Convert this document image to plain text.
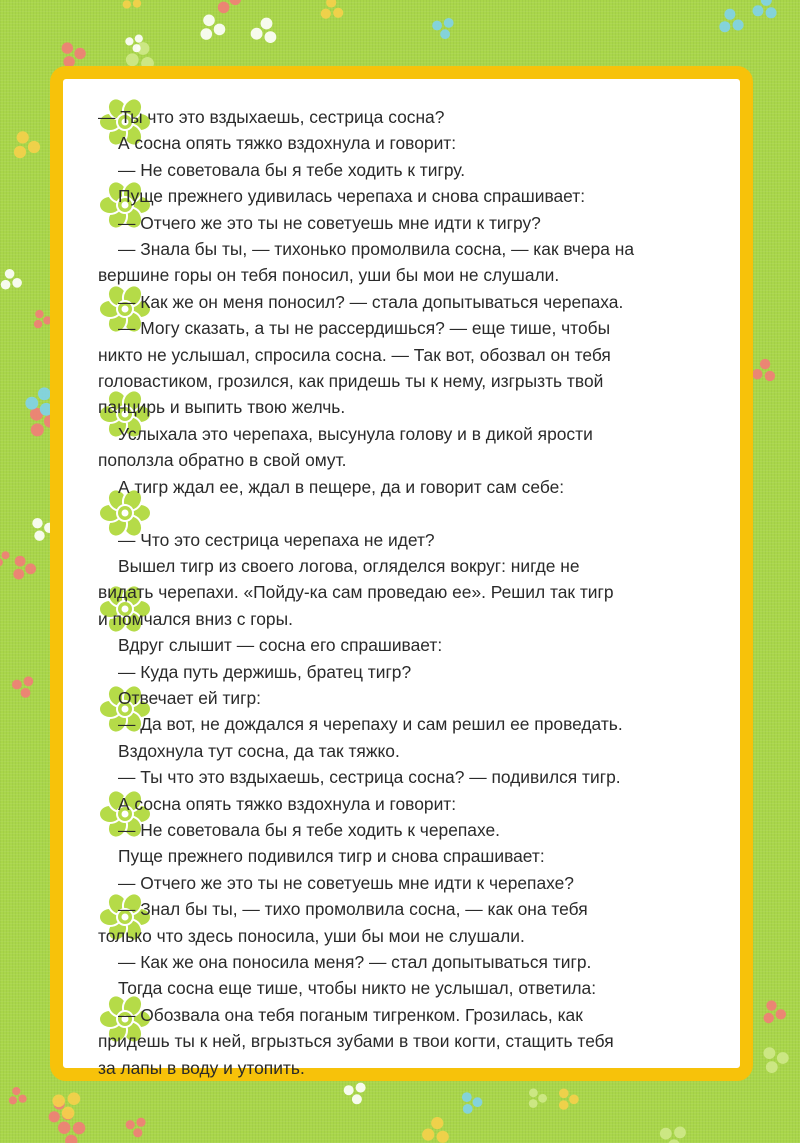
— Ты что это вздыхаешь, сестрица сосна?

А сосна опять тяжко вздохнула и говорит:

— Не советовала бы я тебе ходить к тигру.

Пуще прежнего удивилась черепаха и снова спрашивает:

— Отчего же это ты не советуешь мне идти к тигру?

— Знала бы ты, — тихонько промолвила сосна, — как вчера на

вершине горы он тебя поносил, уши бы мои не слушали.

— Как же он меня поносил? — стала допытываться черепаха.

— Могу сказать, а ты не рассердишься? — еще тише, чтобы

никто не услышал, спросила сосна. — Так вот, обозвал он тебя

головастиком, грозился, как придешь ты к нему, изгрызть твой

панцирь и выпить твою желчь.

Услыхала это черепаха, высунула голову и в дикой ярости

поползла обратно в свой омут.

А тигр ждал ее, ждал в пещере, да и говорит сам себе:

— Что это сестрица черепаха не идет?

Вышел тигр из своего логова, огляделся вокруг: нигде не

видать черепахи. «Пойду-ка сам проведаю ее». Решил так тигр

и помчался вниз с горы.

Вдруг слышит — сосна его спрашивает:

— Куда путь держишь, братец тигр?

Отвечает ей тигр:

— Да вот, не дождался я черепаху и сам решил ее проведать.

Вздохнула тут сосна, да так тяжко.

— Ты что это вздыхаешь, сестрица сосна? — подивился тигр.

А сосна опять тяжко вздохнула и говорит:

— Не советовала бы я тебе ходить к черепахе.

Пуще прежнего подивился тигр и снова спрашивает:

— Отчего же это ты не советуешь мне идти к черепахе?

— Знал бы ты, — тихо промолвила сосна, — как она тебя

только что здесь поносила, уши бы мои не слушали.

— Как же она поносила меня? — стал допытываться тигр.

Тогда сосна еще тише, чтобы никто не услышал, ответила:

— Обозвала она тебя поганым тигренком. Грозилась, как

придешь ты к ней, вгрызться зубами в твои когти, стащить тебя

за лапы в воду и утопить.
